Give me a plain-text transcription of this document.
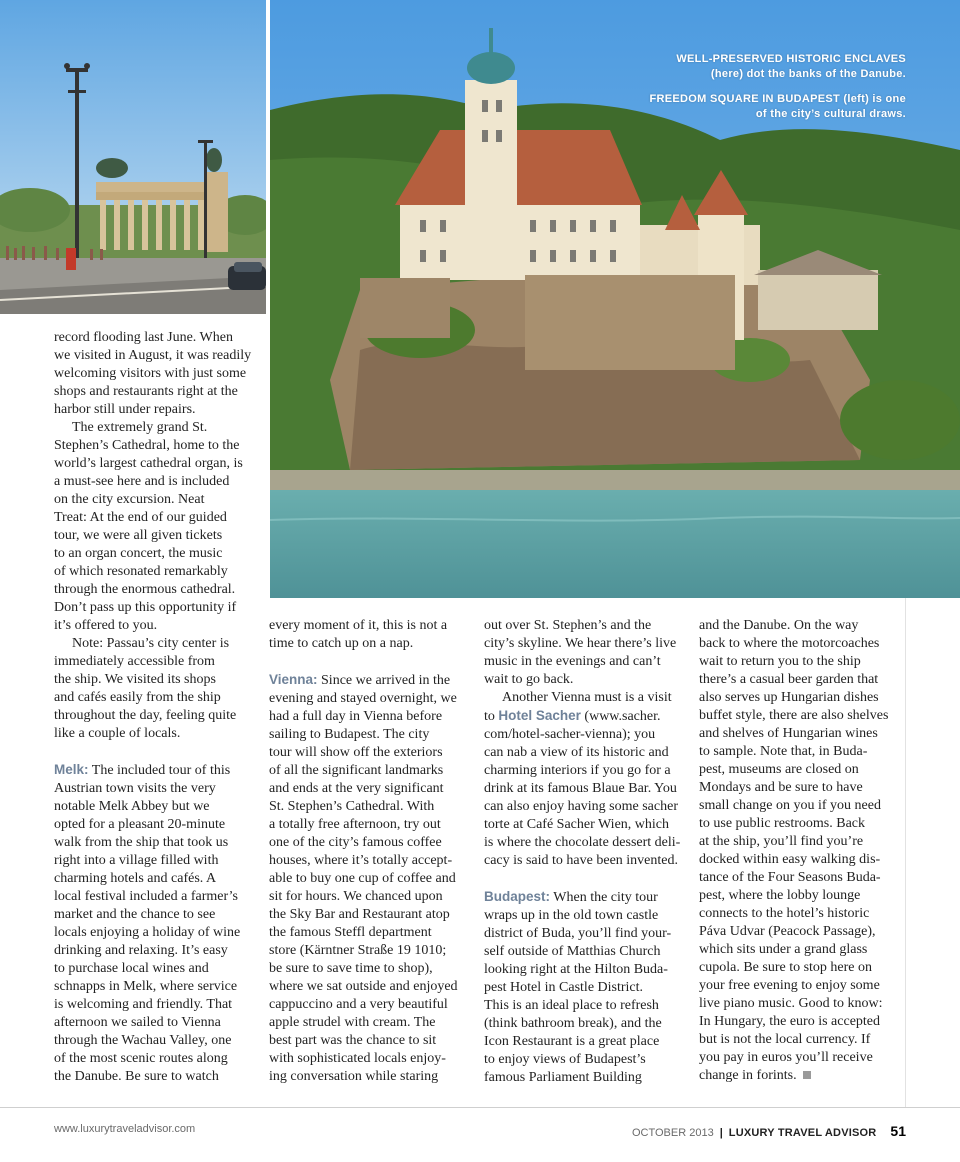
WELL-PRESERVED HISTORIC ENCLAVES
(here) dot the banks of the Danube.
FREEDOM SQUARE IN BUDAPEST (left) is one
of the city’s cultural draws.

record flooding last June. When
we visited in August, it was readily
welcoming visitors with just some
shops and restaurants right at the
harbor still under repairs.

The extremely grand St.
Stephen’s Cathedral, home to the
world’s largest cathedral organ, is
a must-see here and is included
on the city excursion. Neat
Treat: At the end of our guided
tour, we were all given tickets
to an organ concert, the music
of which resonated remarkably
through the enormous cathedral.
Don’t pass up this opportunity if
it’s offered to you.

Note: Passau’s city center is
immediately accessible from
the ship. We visited its shops
and cafés easily from the ship
throughout the day, feeling quite
like a couple of locals.

Melk: The included tour of this
Austrian town visits the very
notable Melk Abbey but we
opted for a pleasant 20-minute
walk from the ship that took us
right into a village filled with
charming hotels and cafés. A
local festival included a farmer’s
market and the chance to see
locals enjoying a holiday of wine
drinking and relaxing. It’s easy
to purchase local wines and
schnapps in Melk, where service
is welcoming and friendly. That
afternoon we sailed to Vienna
through the Wachau Valley, one
of the most scenic routes along
the Danube. Be sure to watch

every moment of it, this is not a
time to catch up on a nap.

Vienna: Since we arrived in the
evening and stayed overnight, we
had a full day in Vienna before
sailing to Budapest. The city
tour will show off the exteriors
of all the significant landmarks
and ends at the very significant
St. Stephen’s Cathedral. With
a totally free afternoon, try out
one of the city’s famous coffee
houses, where it’s totally accept-
able to buy one cup of coffee and
sit for hours. We chanced upon
the Sky Bar and Restaurant atop
the famous Steffl department
store (Kärntner Straße 19 1010;
be sure to save time to shop),
where we sat outside and enjoyed
cappuccino and a very beautiful
apple strudel with cream. The
best part was the chance to sit
with sophisticated locals enjoy-
ing conversation while staring

out over St. Stephen’s and the
city’s skyline. We hear there’s live
music in the evenings and can’t
wait to go back.

Another Vienna must is a visit
to Hotel Sacher (www.sacher.
com/hotel-sacher-vienna); you
can nab a view of its historic and
charming interiors if you go for a
drink at its famous Blaue Bar. You
can also enjoy having some sacher
torte at Café Sacher Wien, which
is where the chocolate dessert deli-
cacy is said to have been invented.

Budapest: When the city tour
wraps up in the old town castle
district of Buda, you’ll find your-
self outside of Matthias Church
looking right at the Hilton Buda-
pest Hotel in Castle District.
This is an ideal place to refresh
(think bathroom break), and the
Icon Restaurant is a great place
to enjoy views of Budapest’s
famous Parliament Building

and the Danube. On the way
back to where the motorcoaches
wait to return you to the ship
there’s a casual beer garden that
also serves up Hungarian dishes
buffet style, there are also shelves
and shelves of Hungarian wines
to sample. Note that, in Buda-
pest, museums are closed on
Mondays and be sure to have
small change on you if you need
to use public restrooms. Back
at the ship, you’ll find you’re
docked within easy walking dis-
tance of the Four Seasons Buda-
pest, where the lobby lounge
connects to the hotel’s historic
Páva Udvar (Peacock Passage),
which sits under a grand glass
cupola. Be sure to stop here on
your free evening to enjoy some
live piano music. Good to know:
In Hungary, the euro is accepted
but is not the local currency. If
you pay in euros you’ll receive
change in forints.

www.luxurytraveladvisor.com	OCTOBER 2013 | LUXURY TRAVEL ADVISOR 51
